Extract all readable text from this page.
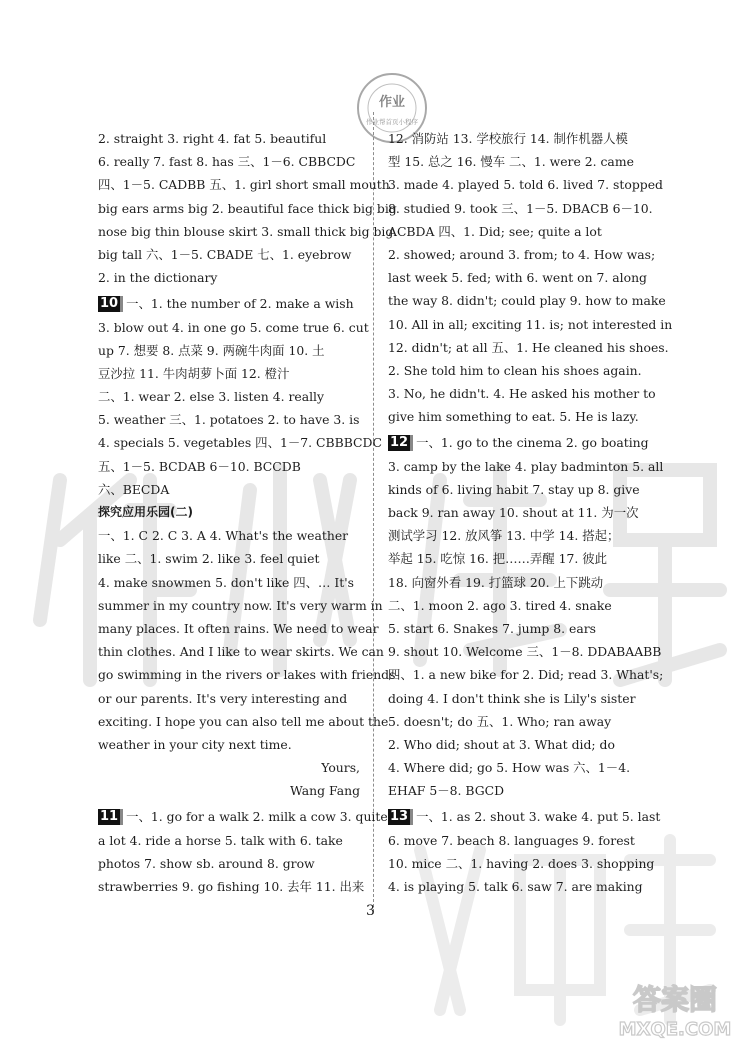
作业
作业帮首页小程序
2. straight 3. right 4. fat 5. beautiful
6. really 7. fast 8. has 三、1－6. CBBCDC
四、1－5. CADBB 五、1. girl short small mouth
big ears arms big 2. beautiful face thick big big
nose big thin blouse skirt 3. small thick big big
big tall 六、1－5. CBADE 七、1. eyebrow
2. in the dictionary
10 一、1. the number of 2. make a wish
3. blow out 4. in one go 5. come true 6. cut
up 7. 想要 8. 点菜 9. 两碗牛肉面 10. 土
豆沙拉 11. 牛肉胡萝卜面 12. 橙汁
二、1. wear 2. else 3. listen 4. really
5. weather 三、1. potatoes 2. to have 3. is
4. specials 5. vegetables 四、1－7. CBBBCDC
五、1－5. BCDAB 6－10. BCCDB
六、BECDA
探究应用乐园(二)
一、1. C 2. C 3. A 4. What's the weather
like 二、1. swim 2. like 3. feel quiet
4. make snowmen 5. don't like 四、… It's
summer in my country now. It's very warm in
many places. It often rains. We need to wear
thin clothes. And I like to wear skirts. We can
go swimming in the rivers or lakes with friends
or our parents. It's very interesting and
exciting. I hope you can also tell me about the
weather in your city next time.
Yours,
Wang Fang
11 一、1. go for a walk 2. milk a cow 3. quite
a lot 4. ride a horse 5. talk with 6. take
photos 7. show sb. around 8. grow
strawberries 9. go fishing 10. 去年 11. 出来
12. 消防站 13. 学校旅行 14. 制作机器人模
型 15. 总之 16. 慢车 二、1. were 2. came
3. made 4. played 5. told 6. lived 7. stopped
8. studied 9. took 三、1－5. DBACB 6－10.
ACBDA 四、1. Did; see; quite a lot
2. showed; around 3. from; to 4. How was;
last week 5. fed; with 6. went on 7. along
the way 8. didn't; could play 9. how to make
10. All in all; exciting 11. is; not interested in
12. didn't; at all 五、1. He cleaned his shoes.
2. She told him to clean his shoes again.
3. No, he didn't. 4. He asked his mother to
give him something to eat. 5. He is lazy.
12 一、1. go to the cinema 2. go boating
3. camp by the lake 4. play badminton 5. all
kinds of 6. living habit 7. stay up 8. give
back 9. ran away 10. shout at 11. 为一次
测试学习 12. 放风筝 13. 中学 14. 搭起；
举起 15. 吃惊 16. 把……弄醒 17. 彼此
18. 向窗外看 19. 打篮球 20. 上下跳动
二、1. moon 2. ago 3. tired 4. snake
5. start 6. Snakes 7. jump 8. ears
9. shout 10. Welcome 三、1－8. DDABAABB
四、1. a new bike for 2. Did; read 3. What's;
doing 4. I don't think she is Lily's sister
5. doesn't; do 五、1. Who; ran away
2. Who did; shout at 3. What did; do
4. Where did; go 5. How was 六、1－4.
EHAF 5－8. BGCD
13 一、1. as 2. shout 3. wake 4. put 5. last
6. move 7. beach 8. languages 9. forest
10. mice 二、1. having 2. does 3. shopping
4. is playing 5. talk 6. saw 7. are making
3
答案圈
MXQE.COM
